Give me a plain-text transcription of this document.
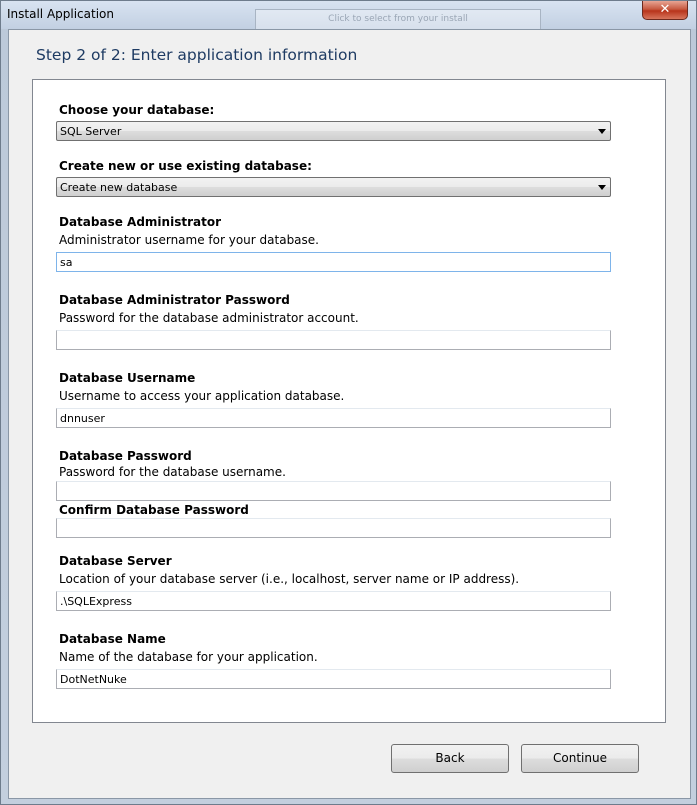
Install Application	Click to select from your install
✕
Step 2 of 2: Enter application information
Choose your database:
SQL Server
Create new or use existing database:
Create new database
Database Administrator
Administrator username for your database.
sa
Database Administrator Password
Password for the database administrator account.
Database Username
Username to access your application database.
dnnuser
Database Password
Password for the database username.
Confirm Database Password
Database Server
Location of your database server (i.e., localhost, server name or IP address).
.\SQLExpress
Database Name
Name of the database for your application.
DotNetNuke
Back	Continue
